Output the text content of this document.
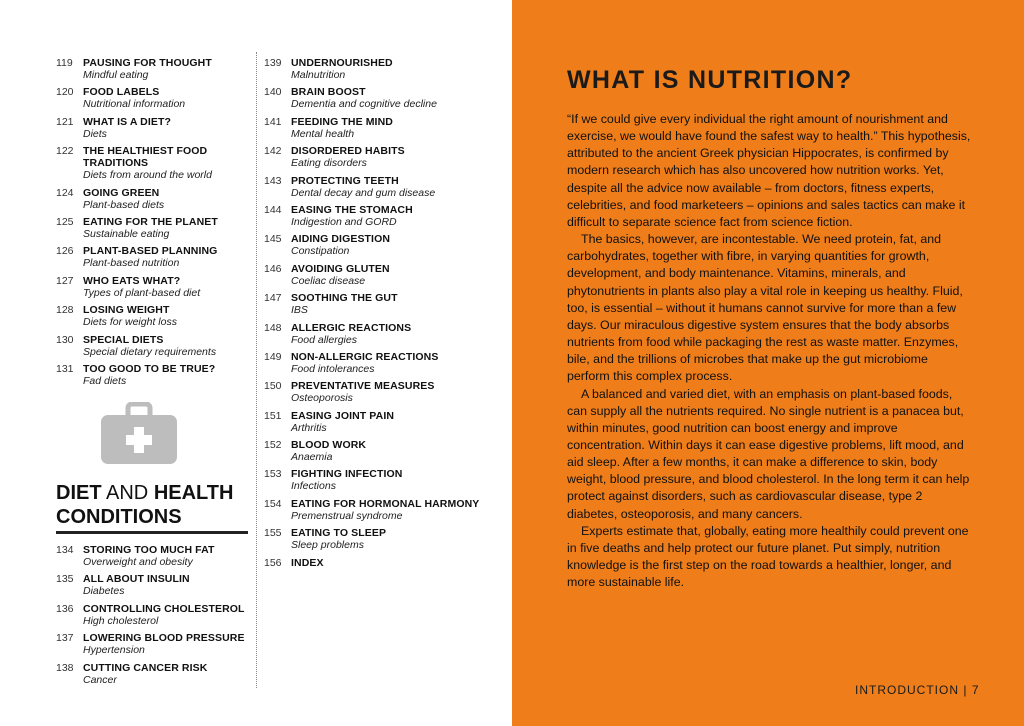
119 PAUSING FOR THOUGHT
Mindful eating
120 FOOD LABELS
Nutritional information
121 WHAT IS A DIET?
Diets
122 THE HEALTHIEST FOOD TRADITIONS
Diets from around the world
124 GOING GREEN
Plant-based diets
125 EATING FOR THE PLANET
Sustainable eating
126 PLANT-BASED PLANNING
Plant-based nutrition
127 WHO EATS WHAT?
Types of plant-based diet
128 LOSING WEIGHT
Diets for weight loss
130 SPECIAL DIETS
Special dietary requirements
131 TOO GOOD TO BE TRUE?
Fad diets
DIET AND HEALTH CONDITIONS
134 STORING TOO MUCH FAT
Overweight and obesity
135 ALL ABOUT INSULIN
Diabetes
136 CONTROLLING CHOLESTEROL
High cholesterol
137 LOWERING BLOOD PRESSURE
Hypertension
138 CUTTING CANCER RISK
Cancer
139 UNDERNOURISHED
Malnutrition
140 BRAIN BOOST
Dementia and cognitive decline
141 FEEDING THE MIND
Mental health
142 DISORDERED HABITS
Eating disorders
143 PROTECTING TEETH
Dental decay and gum disease
144 EASING THE STOMACH
Indigestion and GORD
145 AIDING DIGESTION
Constipation
146 AVOIDING GLUTEN
Coeliac disease
147 SOOTHING THE GUT
IBS
148 ALLERGIC REACTIONS
Food allergies
149 NON-ALLERGIC REACTIONS
Food intolerances
150 PREVENTATIVE MEASURES
Osteoporosis
151 EASING JOINT PAIN
Arthritis
152 BLOOD WORK
Anaemia
153 FIGHTING INFECTION
Infections
154 EATING FOR HORMONAL HARMONY
Premenstrual syndrome
155 EATING TO SLEEP
Sleep problems
156 INDEX
WHAT IS NUTRITION?

“If we could give every individual the right amount of nourishment and exercise, we would have found the safest way to health.” This hypothesis, attributed to the ancient Greek physician Hippocrates, is confirmed by modern research which has also uncovered how nutrition works. Yet, despite all the advice now available – from doctors, fitness experts, celebrities, and food marketeers – opinions and sales tactics can make it difficult to separate science fact from science fiction.

The basics, however, are incontestable. We need protein, fat, and carbohydrates, together with fibre, in varying quantities for growth, development, and body maintenance. Vitamins, minerals, and phytonutrients in plants also play a vital role in keeping us healthy. Fluid, too, is essential – without it humans cannot survive for more than a few days. Our miraculous digestive system ensures that the body absorbs nutrients from food while packaging the rest as waste matter. Enzymes, bile, and the trillions of microbes that make up the gut microbiome perform this complex process.

A balanced and varied diet, with an emphasis on plant-based foods, can supply all the nutrients required. No single nutrient is a panacea but, within minutes, good nutrition can boost energy and improve concentration. Within days it can ease digestive problems, lift mood, and aid sleep. After a few months, it can make a difference to skin, body weight, blood pressure, and blood cholesterol. In the long term it can help protect against disorders, such as cardiovascular disease, type 2 diabetes, osteoporosis, and many cancers.

Experts estimate that, globally, eating more healthily could prevent one in five deaths and help protect our future planet. Put simply, nutrition knowledge is the first step on the road towards a healthier, longer, and more sustainable life.

INTRODUCTION | 7
